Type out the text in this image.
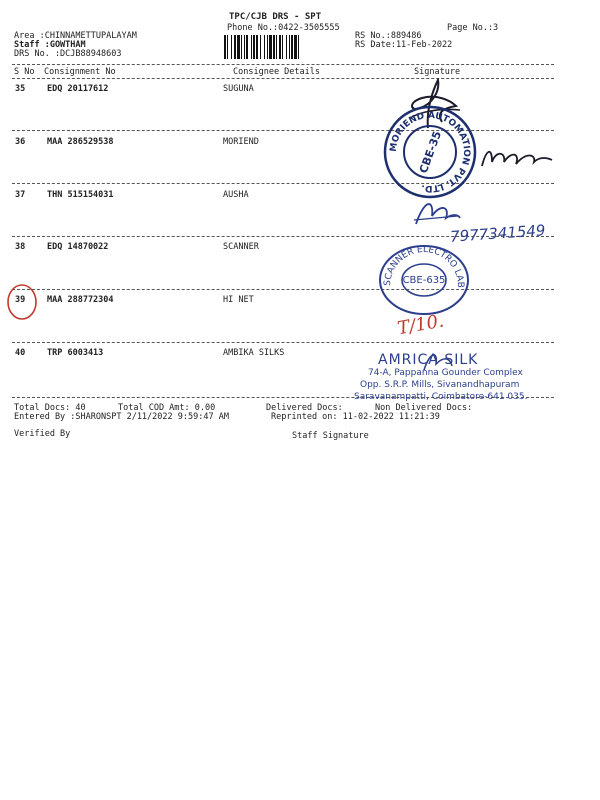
TPC/CJB DRS - SPT
Phone No.:0422-3505555	Page No.:3
Area :CHINNAMETTUPALAYAM
Staff :GOWTHAM
DRS No. :DCJB88948603
RS No.:889486
RS Date:11-Feb-2022
S No Consignment No	Consignee Details	Signature
35	EDQ 20117612	SUGUNA
36	MAA 286529538	MORIEND
37	THN 515154031	AUSHA
38	EDQ 14870022	SCANNER
39	MAA 288772304	HI NET
40	TRP 6003413	AMBIKA SILKS
Total Docs: 40	Total COD Amt: 0.00	Delivered Docs:	Non Delivered Docs:
Entered By :SHARONSPT 2/11/2022 9:59:47 AM	Reprinted on: 11-02-2022 11:21:39
Verified By	Staff Signature
MORIEND AUTOMATION PVT. LTD.
CBE-35
7977341549
SCANNER ELECTRO LAB
CBE-635
T/10.
AMRICA SILK
74-A, Pappanna Gounder Complex
Opp. S.R.P. Mills, Sivanandhapuram
Saravanampatti, Coimbatore-641 035.
